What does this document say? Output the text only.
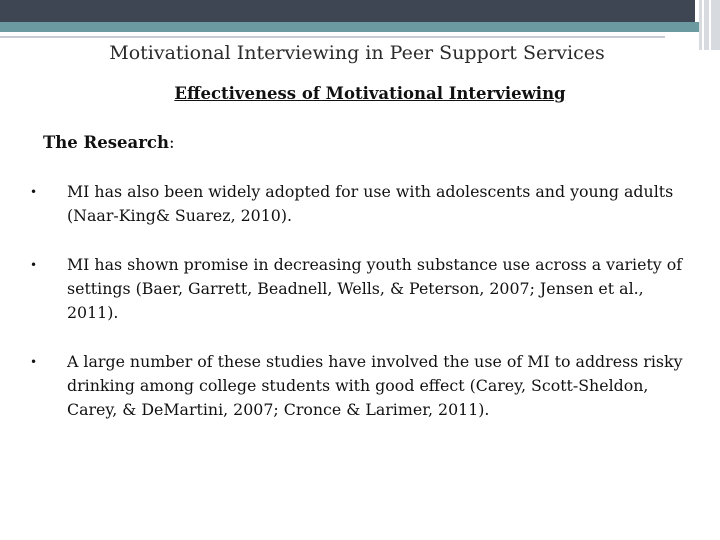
Motivational Interviewing in Peer Support Services
Effectiveness of Motivational Interviewing
The Research:
•	MI has also been widely adopted for use with adolescents and young adults (Naar-King& Suarez, 2010).
•	MI has shown promise in decreasing youth substance use across a variety of settings (Baer, Garrett, Beadnell, Wells, & Peterson, 2007; Jensen et al., 2011).
•	A large number of these studies have involved the use of MI to address risky drinking among college students with good effect (Carey, Scott-Sheldon, Carey, & DeMartini, 2007; Cronce & Larimer, 2011).
